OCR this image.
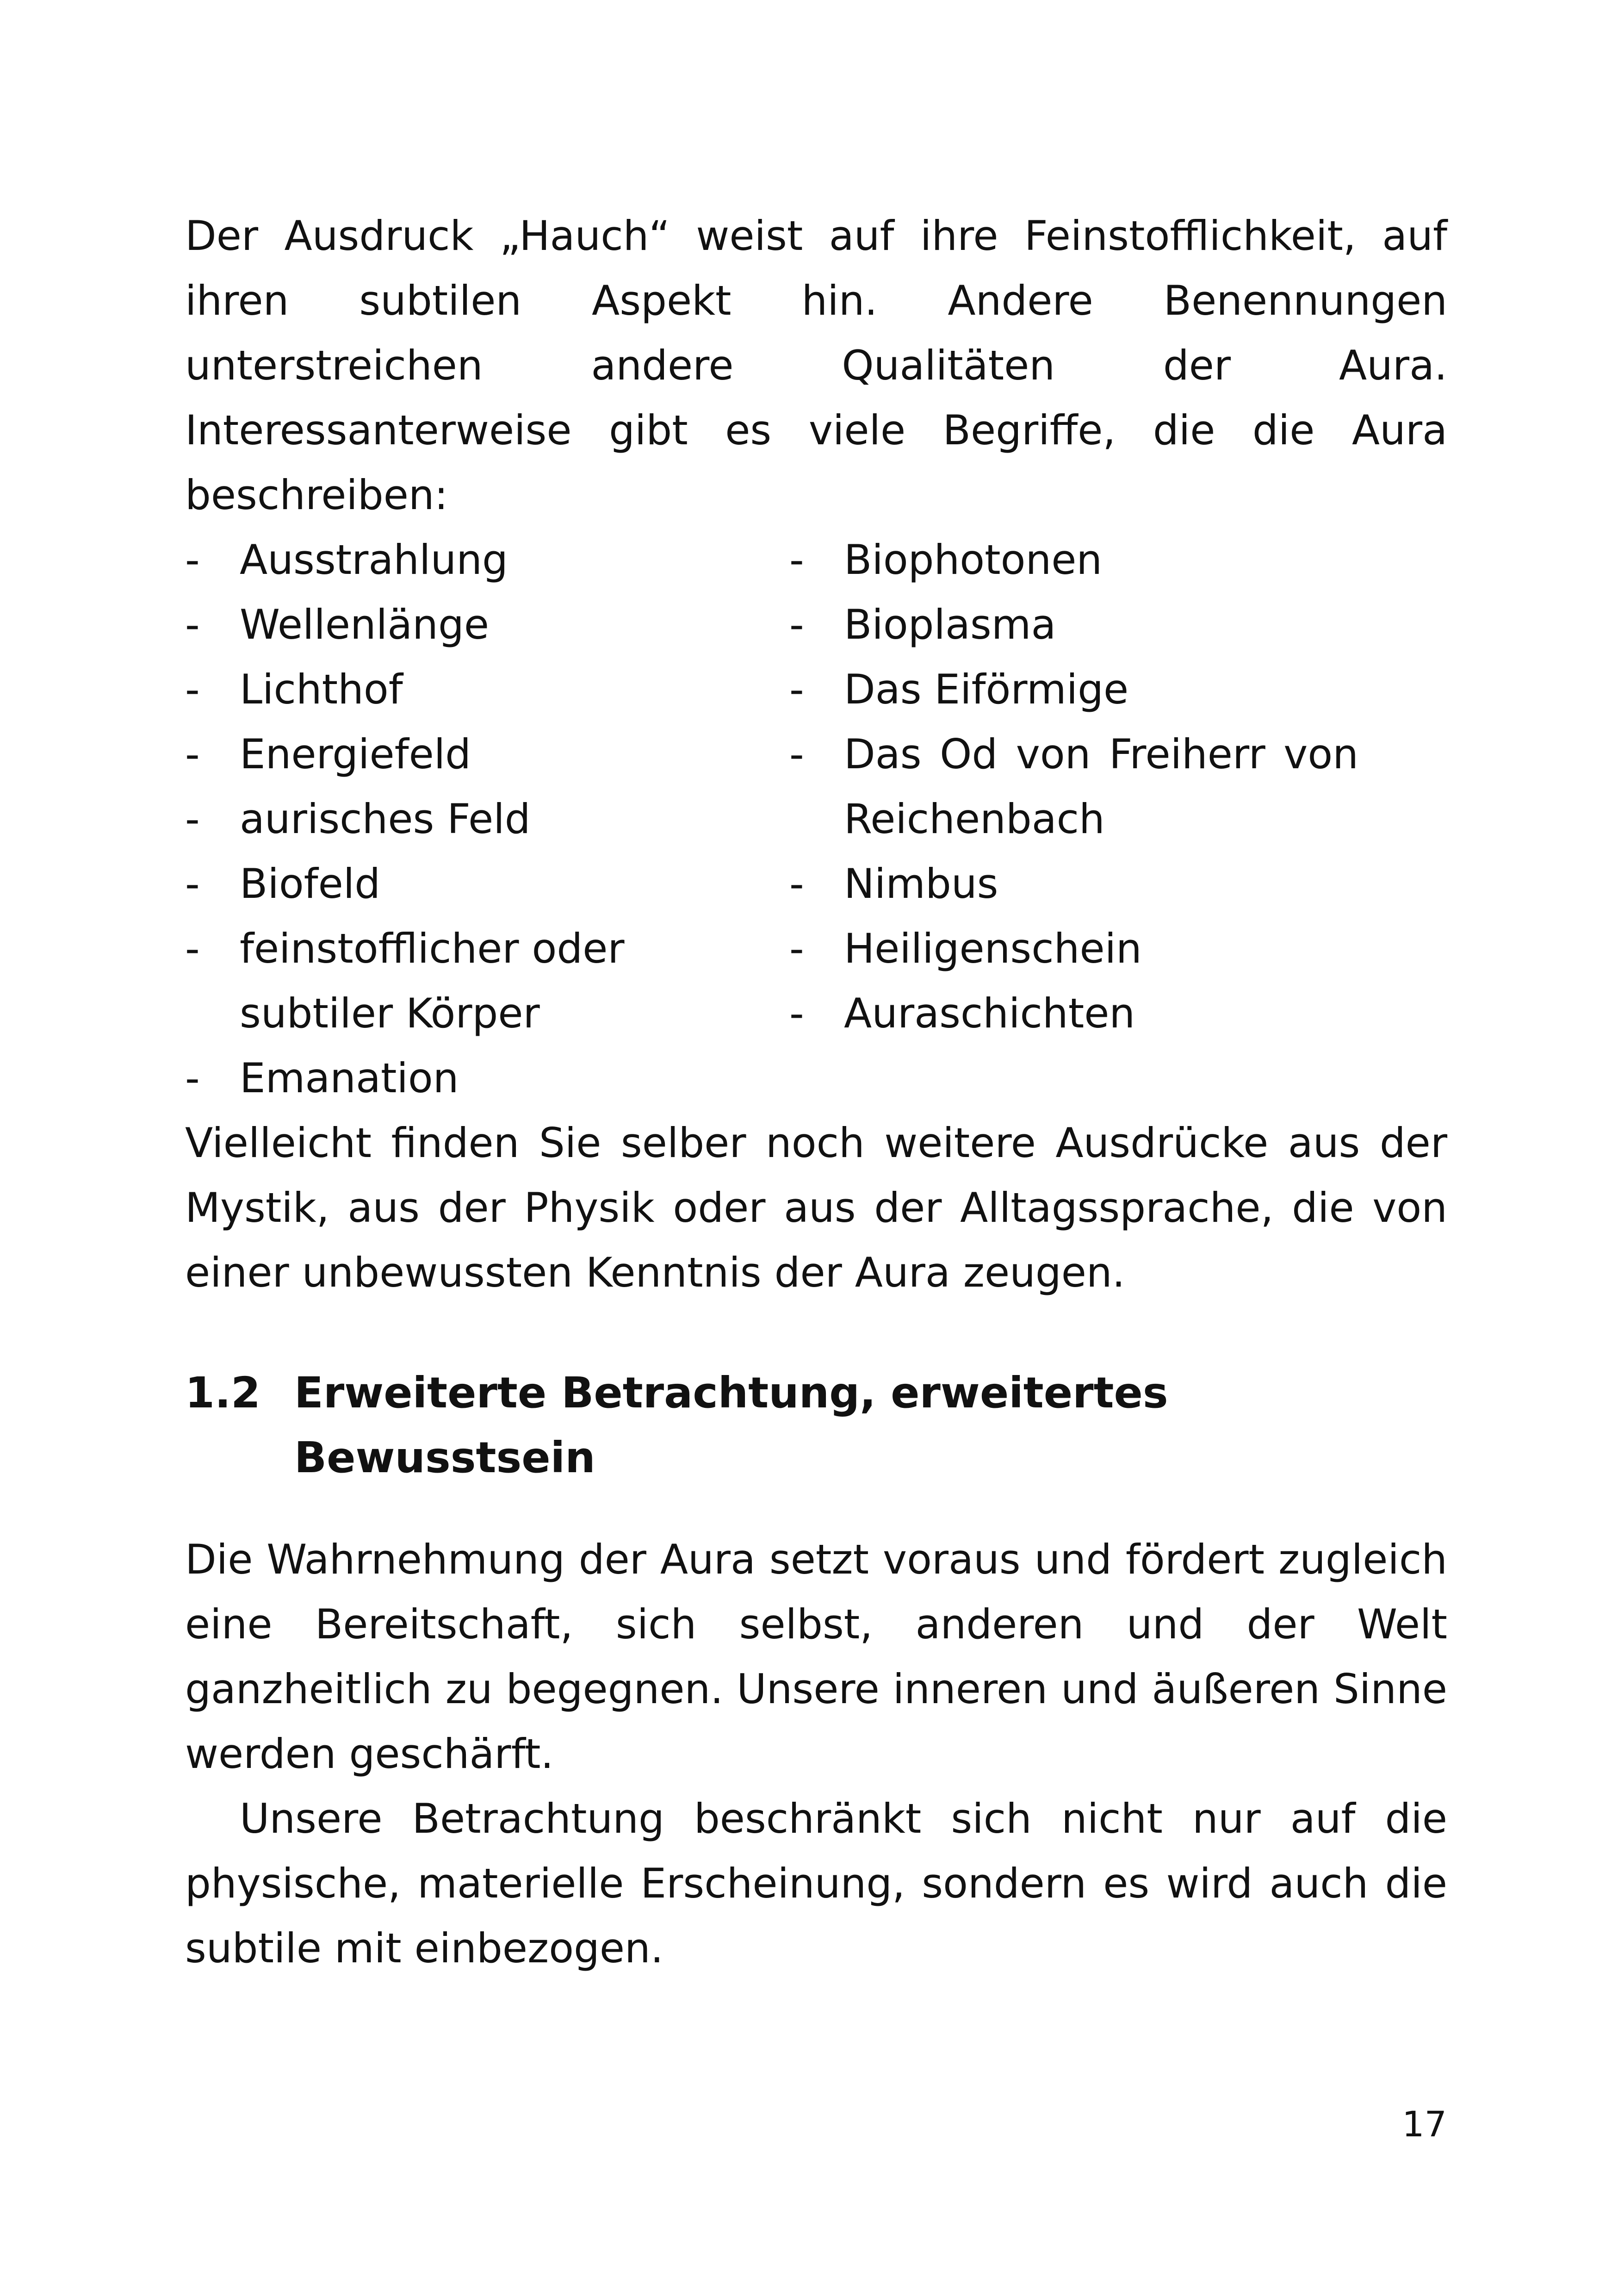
Der Ausdruck „Hauch“ weist auf ihre Feinstofflichkeit, auf ihren subtilen Aspekt hin. Andere Benennungen unterstreichen andere Qualitäten der Aura. Interessanterweise gibt es viele Begriffe, die die Aura beschreiben:

- Ausstrahlung
- Wellenlänge
- Lichthof
- Energiefeld
- aurisches Feld
- Biofeld
- feinstofflicher oder subtiler Körper
- Emanation
- Biophotonen
- Bioplasma
- Das Eiförmige
- Das Od von Freiherr von Reichenbach
- Nimbus
- Heiligenschein
- Auraschichten

Vielleicht finden Sie selber noch weitere Ausdrücke aus der Mystik, aus der Physik oder aus der Alltagssprache, die von einer unbewussten Kenntnis der Aura zeugen.

1.2 Erweiterte Betrachtung, erweitertes Bewusstsein

Die Wahrnehmung der Aura setzt voraus und fördert zugleich eine Bereitschaft, sich selbst, anderen und der Welt ganzheitlich zu begegnen. Unsere inneren und äußeren Sinne werden geschärft.

Unsere Betrachtung beschränkt sich nicht nur auf die physische, materielle Erscheinung, sondern es wird auch die subtile mit einbezogen.

17
